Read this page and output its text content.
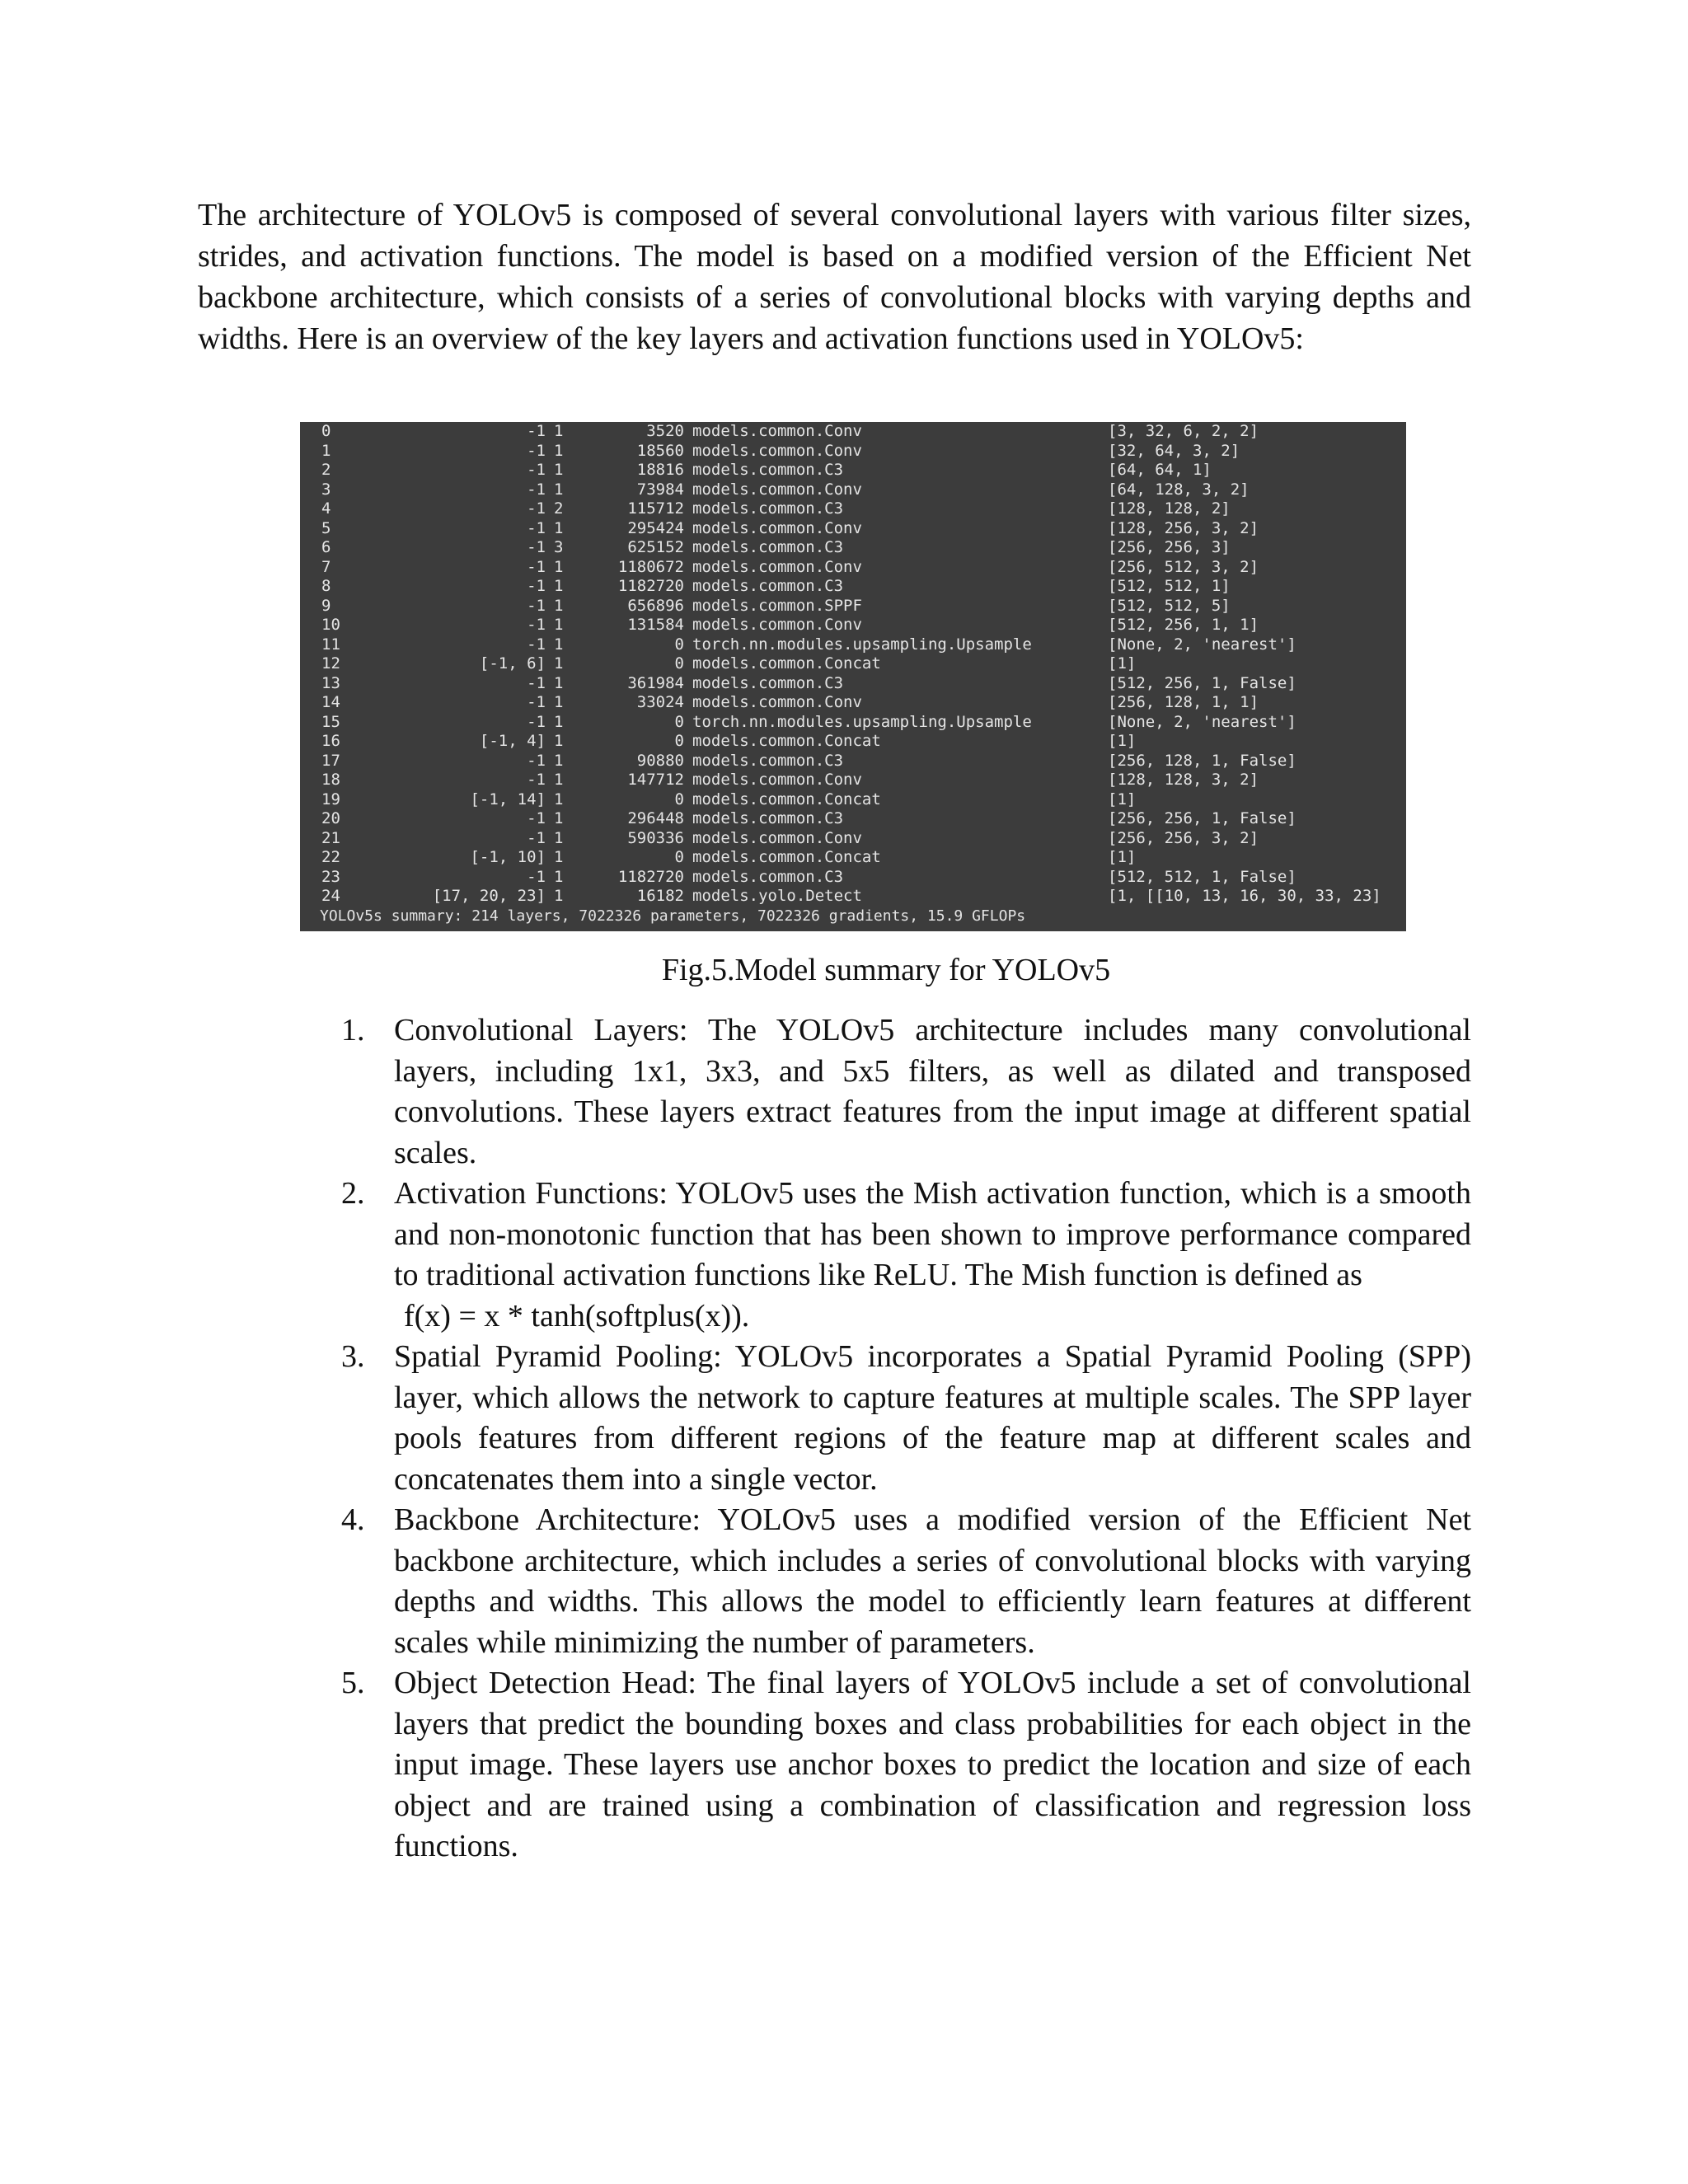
The architecture of YOLOv5 is composed of several convolutional layers with various filter sizes, strides, and activation functions. The model is based on a modified version of the Efficient Net backbone architecture, which consists of a series of convolutional blocks with varying depths and widths. Here is an overview of the key layers and activation functions used in YOLOv5:

YOLOv5s summary: 214 layers, 7022326 parameters, 7022326 gradients, 15.9 GFLOPs
0	-1 1	3520 models.common.Conv	[3, 32, 6, 2, 2]
1	-1 1	18560 models.common.Conv	[32, 64, 3, 2]
2	-1 1	18816 models.common.C3	[64, 64, 1]
3	-1 1	73984 models.common.Conv	[64, 128, 3, 2]
4	-1 2	115712 models.common.C3	[128, 128, 2]
5	-1 1	295424 models.common.Conv	[128, 256, 3, 2]
6	-1 3	625152 models.common.C3	[256, 256, 3]
7	-1 1	1180672 models.common.Conv	[256, 512, 3, 2]
8	-1 1	1182720 models.common.C3	[512, 512, 1]
9	-1 1	656896 models.common.SPPF	[512, 512, 5]
10	-1 1	131584 models.common.Conv	[512, 256, 1, 1]
11	-1 1	0 torch.nn.modules.upsampling.Upsample	[None, 2, 'nearest']
12	[-1, 6] 1	0 models.common.Concat	[1]
13	-1 1	361984 models.common.C3	[512, 256, 1, False]
14	-1 1	33024 models.common.Conv	[256, 128, 1, 1]
15	-1 1	0 torch.nn.modules.upsampling.Upsample	[None, 2, 'nearest']
16	[-1, 4] 1	0 models.common.Concat	[1]
17	-1 1	90880 models.common.C3	[256, 128, 1, False]
18	-1 1	147712 models.common.Conv	[128, 128, 3, 2]
19	[-1, 14] 1	0 models.common.Concat	[1]
20	-1 1	296448 models.common.C3	[256, 256, 1, False]
21	-1 1	590336 models.common.Conv	[256, 256, 3, 2]
22	[-1, 10] 1	0 models.common.Concat	[1]
23	-1 1	1182720 models.common.C3	[512, 512, 1, False]
24	[17, 20, 23] 1	16182 models.yolo.Detect	[1, [[10, 13, 16, 30, 33, 23]

Fig.5.Model summary for YOLOv5

1. Convolutional Layers: The YOLOv5 architecture includes many convolutional layers, including 1x1, 3x3, and 5x5 filters, as well as dilated and transposed convolutions. These layers extract features from the input image at different spatial scales.
2. Activation Functions: YOLOv5 uses the Mish activation function, which is a smooth and non-monotonic function that has been shown to improve performance compared to traditional activation functions like ReLU. The Mish function is defined as
f(x) = x * tanh(softplus(x)).
3. Spatial Pyramid Pooling: YOLOv5 incorporates a Spatial Pyramid Pooling (SPP) layer, which allows the network to capture features at multiple scales. The SPP layer pools features from different regions of the feature map at different scales and concatenates them into a single vector.
4. Backbone Architecture: YOLOv5 uses a modified version of the Efficient Net backbone architecture, which includes a series of convolutional blocks with varying depths and widths. This allows the model to efficiently learn features at different scales while minimizing the number of parameters.
5. Object Detection Head: The final layers of YOLOv5 include a set of convolutional layers that predict the bounding boxes and class probabilities for each object in the input image. These layers use anchor boxes to predict the location and size of each object and are trained using a combination of classification and regression loss functions.
